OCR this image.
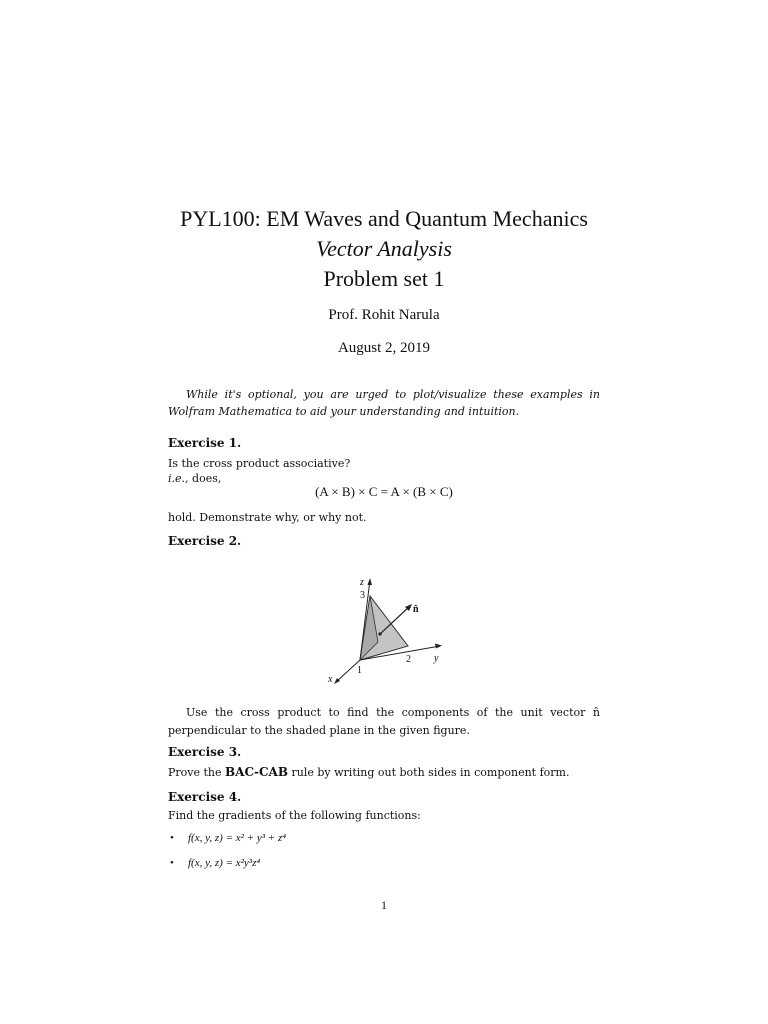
PYL100: EM Waves and Quantum Mechanics
Vector Analysis
Problem set 1
Prof. Rohit Narula
August 2, 2019
While it's optional, you are urged to plot/visualize these examples in Wolfram Mathematica to aid your understanding and intuition.
Exercise 1.
Is the cross product associative?
i.e., does,
(A × B) × C = A × (B × C)
hold. Demonstrate why, or why not.
Exercise 2.
z
3
n̂
2 y
1
x
Use the cross product to find the components of the unit vector n̂ perpendicular to the shaded plane in the given figure.
Exercise 3.
Prove the BAC-CAB rule by writing out both sides in component form.
Exercise 4.
Find the gradients of the following functions:
• f(x, y, z) = x² + y³ + z⁴
• f(x, y, z) = x²y³z⁴
1
